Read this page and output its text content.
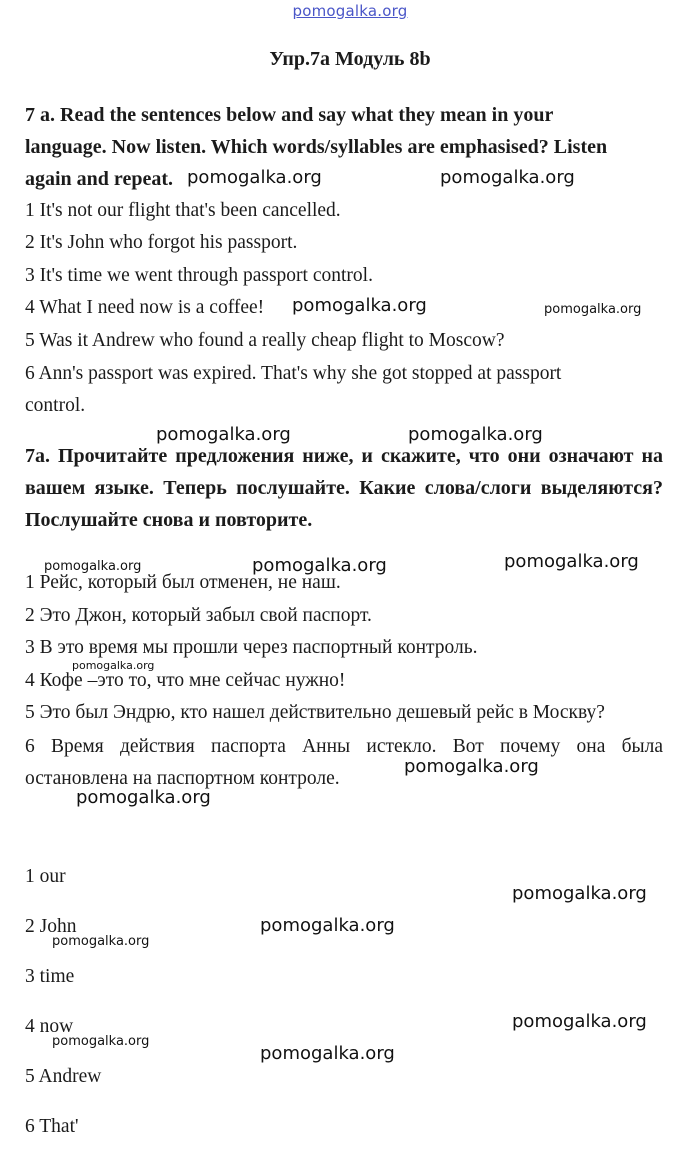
pomogalka.org
Упр.7а Модуль 8b
7 a. Read the sentences below and say what they mean in your
language. Now listen. Which words/syllables are emphasised? Listen
again and repeat.
1 It's not our flight that's been cancelled.
2 It's John who forgot his passport.
3 It's time we went through passport control.
4 What I need now is a coffee!
5 Was it Andrew who found a really cheap flight to Moscow?
6 Ann's passport was expired. That's why she got stopped at passport
control.
7а. Прочитайте предложения ниже, и скажите, что они означают на вашем языке. Теперь послушайте. Какие слова/слоги выделяются? Послушайте снова и повторите.
1 Рейс, который был отменен, не наш.
2 Это Джон, который забыл свой паспорт.
3 В это время мы прошли через паспортный контроль.
4 Кофе –это то, что мне сейчас нужно!
5 Это был Эндрю, кто нашел действительно дешевый рейс в Москву?
6 Время действия паспорта Анны истекло. Вот почему она была остановлена на паспортном контроле.
1 our
2 John
3 time
4 now
5 Andrew
6 That'
pomogalka.org	pomogalka.org
pomogalka.org	pomogalka.org
pomogalka.org	pomogalka.org
pomogalka.org	pomogalka.org	pomogalka.org
pomogalka.org
pomogalka.org
pomogalka.org
pomogalka.org
pomogalka.org
pomogalka.org
pomogalka.org
pomogalka.org
pomogalka.org
